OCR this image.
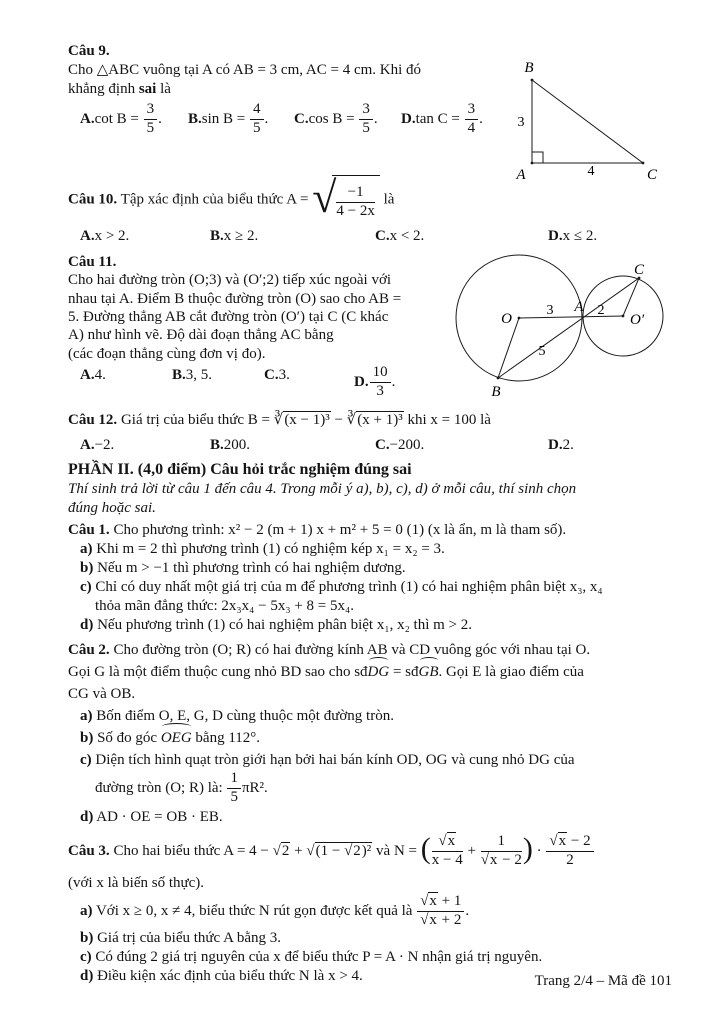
Câu 9.

Cho △ABC vuông tại A có AB = 3 cm, AC = 4 cm. Khi đó

khẳng định sai là

A.cot $B = \frac{3}{5}$ .	B.sin $B = \frac{4}{5}$ .	C.cos $B = \frac{3}{5}$ .	D.tan $C = \frac{3}{4}$ .

Câu 10. Tập xác định của biểu thức A =
√ $\frac{-1}{4 - 2x}$ là

A.x > 2.	B.x ≥ 2.	C.x < 2.	D.x ≤ 2.

Câu 11.

Cho hai đường tròn (O;3) và (O′;2) tiếp xúc ngoài với

nhau tại A. Điểm B thuộc đường tròn (O) sao cho AB =

5. Đường thẳng AB cắt đường tròn (O′) tại C (C khác

A) như hình vẽ. Độ dài đoạn thẳng AC bằng

(các đoạn thẳng cùng đơn vị đo).

A.4.	B.3, 5.	C.3.	D. $\frac{10}{3}$ .

Câu 12. Giá trị của biểu thức B = ∛ (x − 1)³ − ∛ (x + 1)³ khi x = 100 là

A.−2.	B.200.	C.−200.	D.2.

PHẦN II. (4,0 điểm) Câu hỏi trắc nghiệm đúng sai

Thí sinh trả lời từ câu 1 đến câu 4. Trong mỗi ý a), b), c), d) ở mỗi câu, thí sinh chọn

đúng hoặc sai.

Câu 1. Cho phương trình: x² − 2 (m + 1) x + m² + 5 = 0 (1) (x là ẩn, m là tham số).

a) Khi m = 2 thì phương trình (1) có nghiệm kép x₁ = x₂ = 3.

b) Nếu m > −1 thì phương trình có hai nghiệm dương.

c) Chỉ có duy nhất một giá trị của m để phương trình (1) có hai nghiệm phân biệt x₃, x₄

thỏa mãn đẳng thức: 2x₃x₄ − 5x₃ + 8 = 5x₄.

d) Nếu phương trình (1) có hai nghiệm phân biệt x₁, x₂ thì m > 2.

Câu 2. Cho đường tròn (O; R) có hai đường kính AB và CD vuông góc với nhau tại O.

Gọi G là một điểm thuộc cung nhỏ BD sao cho sđDG = sđGB. Gọi E là giao điểm của

CG và OB.

a) Bốn điểm O, E, G, D cùng thuộc một đường tròn.

b) Số đo góc OEG bằng 112°.

c) Diện tích hình quạt tròn giới hạn bởi hai bán kính OD, OG và cung nhỏ DG của

đường tròn (O; R) là: $\frac{1}{5} \pi R^2$.

d) AD · OE = OB · EB.

Câu 3. Cho hai biểu thức A = 4 − √ 2 + √ (1 − √ 2)² và N = √ $\frac{x}{x - 4} + 1$
√ x − 2 · √ $\frac{x - 2}{2}$

(với x là biến số thực).

a) Với x ≥ 0, x ≠ 4, biểu thức N rút gọn được kết quả là √ x + 1
√ x + 2 .

b) Giá trị của biểu thức A bằng 3.

c) Có đúng 2 giá trị nguyên của x để biểu thức P = A · N nhận giá trị nguyên.

d) Điều kiện xác định của biểu thức N là x > 4.

B
A	C
3
4
O	O′
A
B
C
3	2
5
Trang 2/4 – Mã đề 101
